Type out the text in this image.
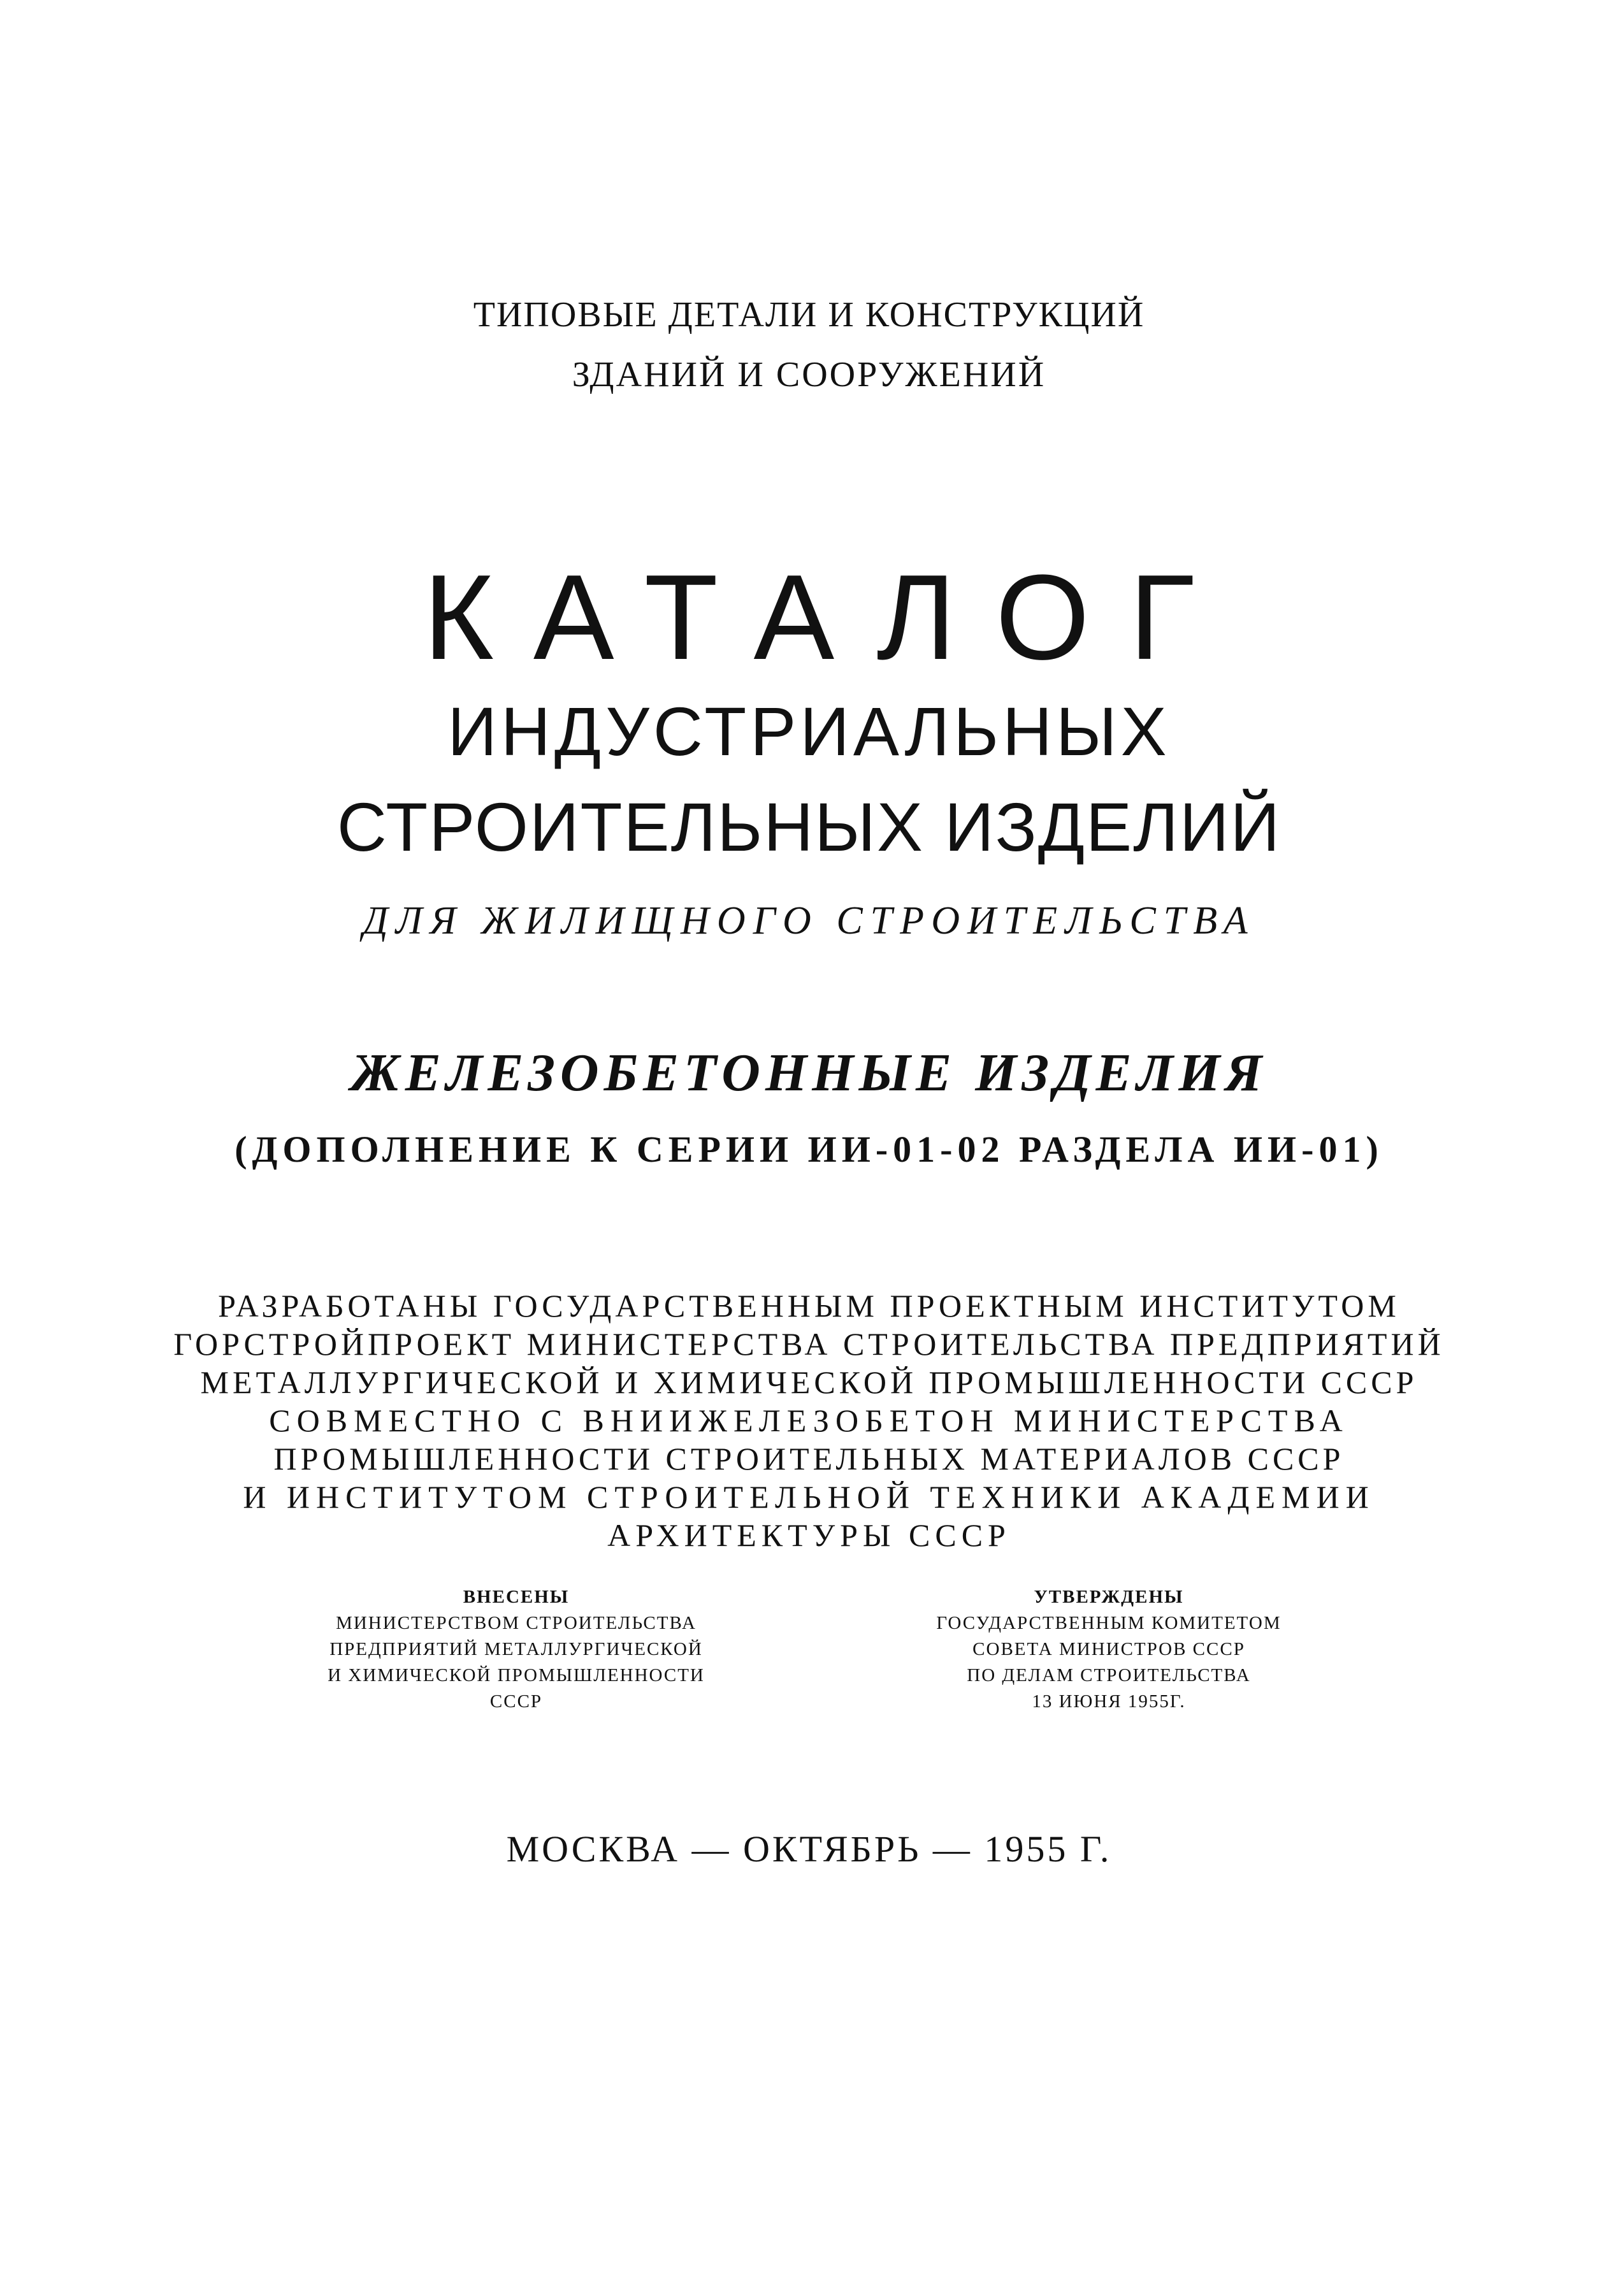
ТИПОВЫЕ ДЕТАЛИ И КОНСТРУКЦИЙ
ЗДАНИЙ И СООРУЖЕНИЙ
КАТАЛОГ
ИНДУСТРИАЛЬНЫХ
СТРОИТЕЛЬНЫХ ИЗДЕЛИЙ
ДЛЯ ЖИЛИЩНОГО СТРОИТЕЛЬСТВА
ЖЕЛЕЗОБЕТОННЫЕ ИЗДЕЛИЯ
(ДОПОЛНЕНИЕ К СЕРИИ ИИ-01-02 РАЗДЕЛА ИИ-01)
РАЗРАБОТАНЫ ГОСУДАРСТВЕННЫМ ПРОЕКТНЫМ ИНСТИТУТОМ
ГОРСТРОЙПРОЕКТ МИНИСТЕРСТВА СТРОИТЕЛЬСТВА ПРЕДПРИЯТИЙ
МЕТАЛЛУРГИЧЕСКОЙ И ХИМИЧЕСКОЙ ПРОМЫШЛЕННОСТИ СССР
СОВМЕСТНО С ВНИИЖЕЛЕЗОБЕТОН МИНИСТЕРСТВА
ПРОМЫШЛЕННОСТИ СТРОИТЕЛЬНЫХ МАТЕРИАЛОВ СССР
И ИНСТИТУТОМ СТРОИТЕЛЬНОЙ ТЕХНИКИ АКАДЕМИИ
АРХИТЕКТУРЫ СССР
ВНЕСЕНЫ
МИНИСТЕРСТВОМ СТРОИТЕЛЬСТВА
ПРЕДПРИЯТИЙ МЕТАЛЛУРГИЧЕСКОЙ
И ХИМИЧЕСКОЙ ПРОМЫШЛЕННОСТИ
СССР
УТВЕРЖДЕНЫ
ГОСУДАРСТВЕННЫМ КОМИТЕТОМ
СОВЕТА МИНИСТРОВ СССР
ПО ДЕЛАМ СТРОИТЕЛЬСТВА
13 ИЮНЯ 1955Г.
МОСКВА — ОКТЯБРЬ — 1955 Г.
